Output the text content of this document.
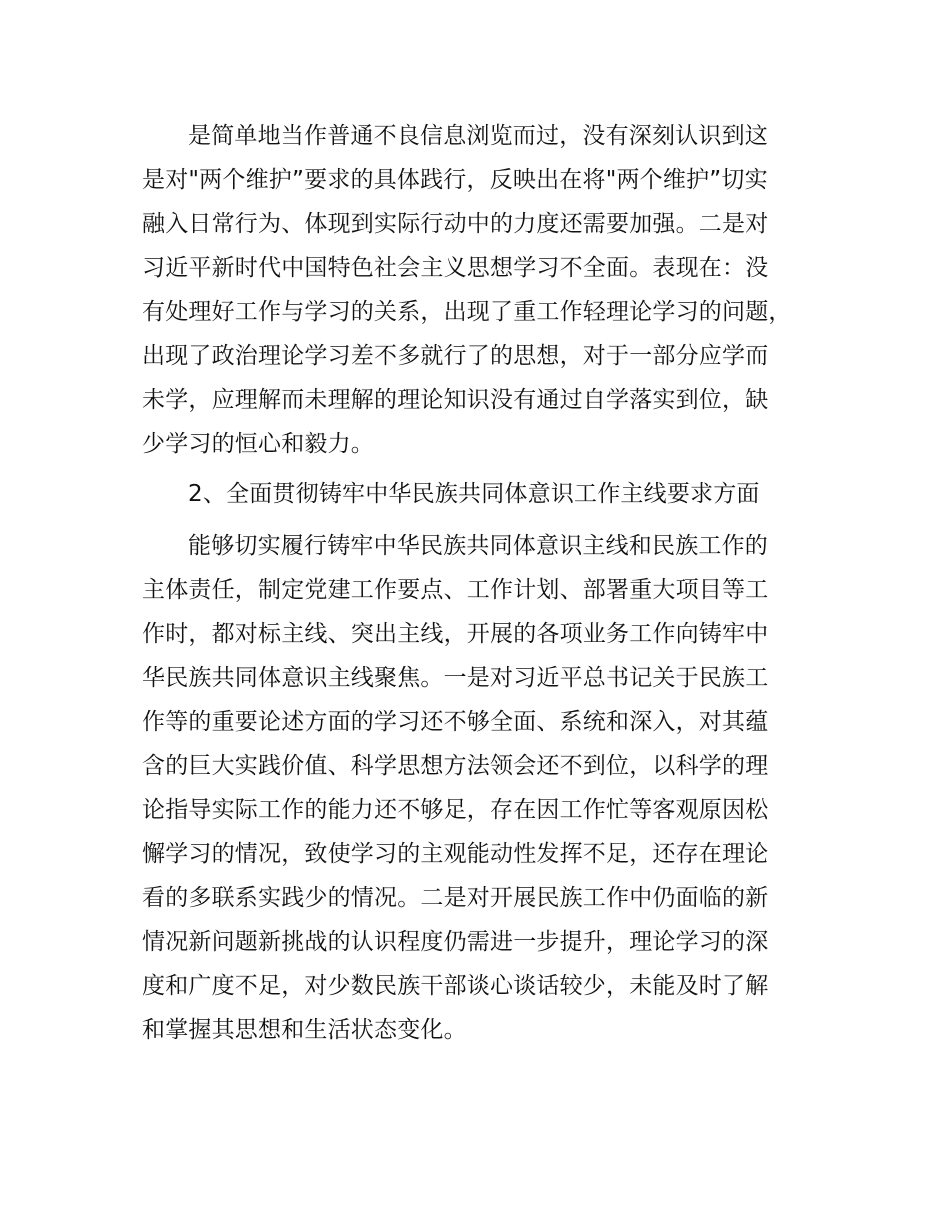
是简单地当作普通不良信息浏览而过，没有深刻认识到这

是对"两个维护”要求的具体践行，反映出在将"两个维护”切实

融入日常行为、体现到实际行动中的力度还需要加强。二是对

习近平新时代中国特色社会主义思想学习不全面。表现在：没

有处理好工作与学习的关系，出现了重工作轻理论学习的问题，

出现了政治理论学习差不多就行了的思想，对于一部分应学而

未学，应理解而未理解的理论知识没有通过自学落实到位，缺

少学习的恒心和毅力。

2、全面贯彻铸牢中华民族共同体意识工作主线要求方面

能够切实履行铸牢中华民族共同体意识主线和民族工作的

主体责任，制定党建工作要点、工作计划、部署重大项目等工

作时，都对标主线、突出主线，开展的各项业务工作向铸牢中

华民族共同体意识主线聚焦。一是对习近平总书记关于民族工

作等的重要论述方面的学习还不够全面、系统和深入，对其蕴

含的巨大实践价值、科学思想方法领会还不到位，以科学的理

论指导实际工作的能力还不够足，存在因工作忙等客观原因松

懈学习的情况，致使学习的主观能动性发挥不足，还存在理论

看的多联系实践少的情况。二是对开展民族工作中仍面临的新

情况新问题新挑战的认识程度仍需进一步提升，理论学习的深

度和广度不足，对少数民族干部谈心谈话较少，未能及时了解

和掌握其思想和生活状态变化。
